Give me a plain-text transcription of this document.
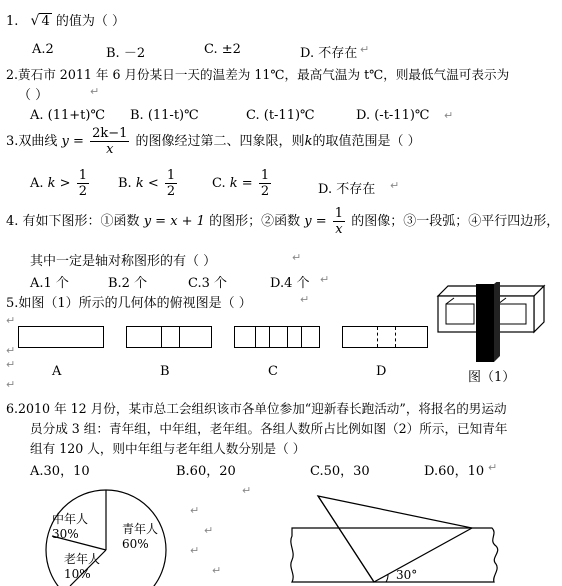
1. √ 4 的值为（ ）
A.2	B. －2	C. ±2	D. 不存在 ↵
2.黄石市 2011 年 6 月份某日一天的温差为 11℃，最高气温为 t℃，则最低气温可表示为
（ ）	↵
A. (11+t)℃ B. (11-t)℃	C. (t-11)℃	D. (-t-11)℃ ↵
3.双曲线 $y = \frac{2k-1}{x}$ 的图像经过第二、四象限，则k的取值范围是（ ）
A. $k > \frac{1}{2} B$. $k < \frac{1}{2}$	C. $k = \frac{1}{2}$	D. 不存在 ↵
4. 有如下图形：①函数 y = x + 1 的图形；②函数 $y = \frac{1}{x}$ 的图像；③一段弧；④平行四边形，
其中一定是轴对称图形的有（ ）	↵
A.1 个	B.2 个	C.3 个	D.4 个 ↵
5.如图（1）所示的几何体的俯视图是（ ）	↵
↵
↵
↵
↵
A	B	C	D	图（1）
6.2010 年 12 月份，某市总工会组织该市各单位参加“迎新春长跑活动”，将报名的男运动
员分成 3 组：青年组，中年组，老年组。各组人数所占比例如图（2）所示，已知青年
组有 120 人，则中年组与老年组人数分别是（ ）
A.30，10	B.60，20	C.50，30	D.60，10 ↵
中年人
30%	青年人
60%
老年人
10%
↵
↵
↵
↵
↵	30°
